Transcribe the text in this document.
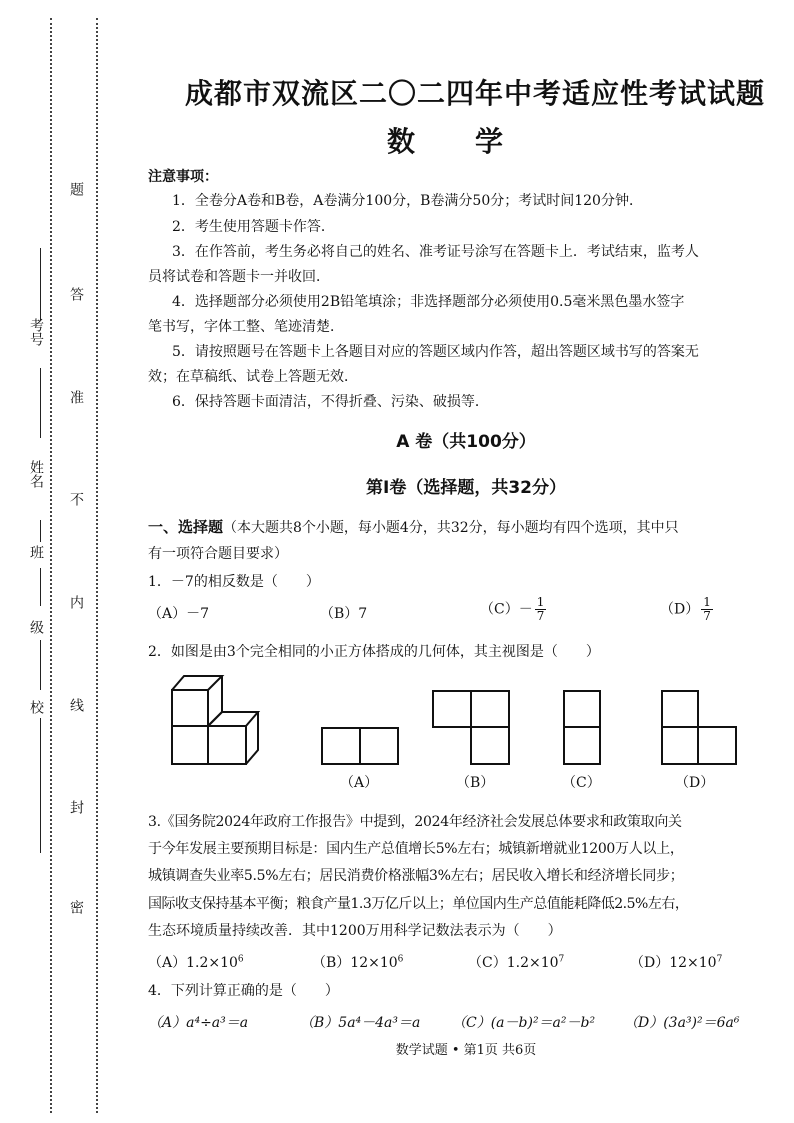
考号
姓名
班
级
校
密
封
线
内
不
准
答
题
成都市双流区二〇二四年中考适应性考试试题
数学
注意事项：
1．全卷分A卷和B卷，A卷满分100分，B卷满分50分；考试时间120分钟．
2．考生使用答题卡作答．
3．在作答前，考生务必将自己的姓名、准考证号涂写在答题卡上．考试结束，监考人
员将试卷和答题卡一并收回．
4．选择题部分必须使用2B铅笔填涂；非选择题部分必须使用0.5毫米黑色墨水签字
笔书写，字体工整、笔迹清楚．
5．请按照题号在答题卡上各题目对应的答题区域内作答，超出答题区域书写的答案无
效；在草稿纸、试卷上答题无效．
6．保持答题卡面清洁，不得折叠、污染、破损等．
A 卷（共100分）
第Ⅰ卷（选择题，共32分）
一、选择题（本大题共8个小题，每小题4分，共32分，每小题均有四个选项，其中只
有一项符合题目要求）
1．－7的相反数是（　　）
（A）－7	（B）7	$(C)- \frac{1}{7}$	$(D) \frac{1}{7}$
2．如图是由3个完全相同的小正方体搭成的几何体，其主视图是（　　）
（A）	（B）	（C）	（D）
3.《国务院2024年政府工作报告》中提到，2024年经济社会发展总体要求和政策取向关
于今年发展主要预期目标是：国内生产总值增长5%左右；城镇新增就业1200万人以上，
城镇调查失业率5.5%左右；居民消费价格涨幅3%左右；居民收入增长和经济增长同步；
国际收支保持基本平衡；粮食产量1.3万亿斤以上；单位国内生产总值能耗降低2.5%左右，
生态环境质量持续改善．其中1200万用科学记数法表示为（　　）
$(A)1.2\times 10^6$	$(B)12\times 10^6$	$(C)1.2\times 10^7$	$(D)12\times 10^7$
4．下列计算正确的是（　　）
（A）a⁴÷a³＝a	（B）5a⁴－4a³＝a （C）(a－b)²＝a²－b² （D）(3a³)²＝6a⁶
数学试题 • 第1页 共6页
